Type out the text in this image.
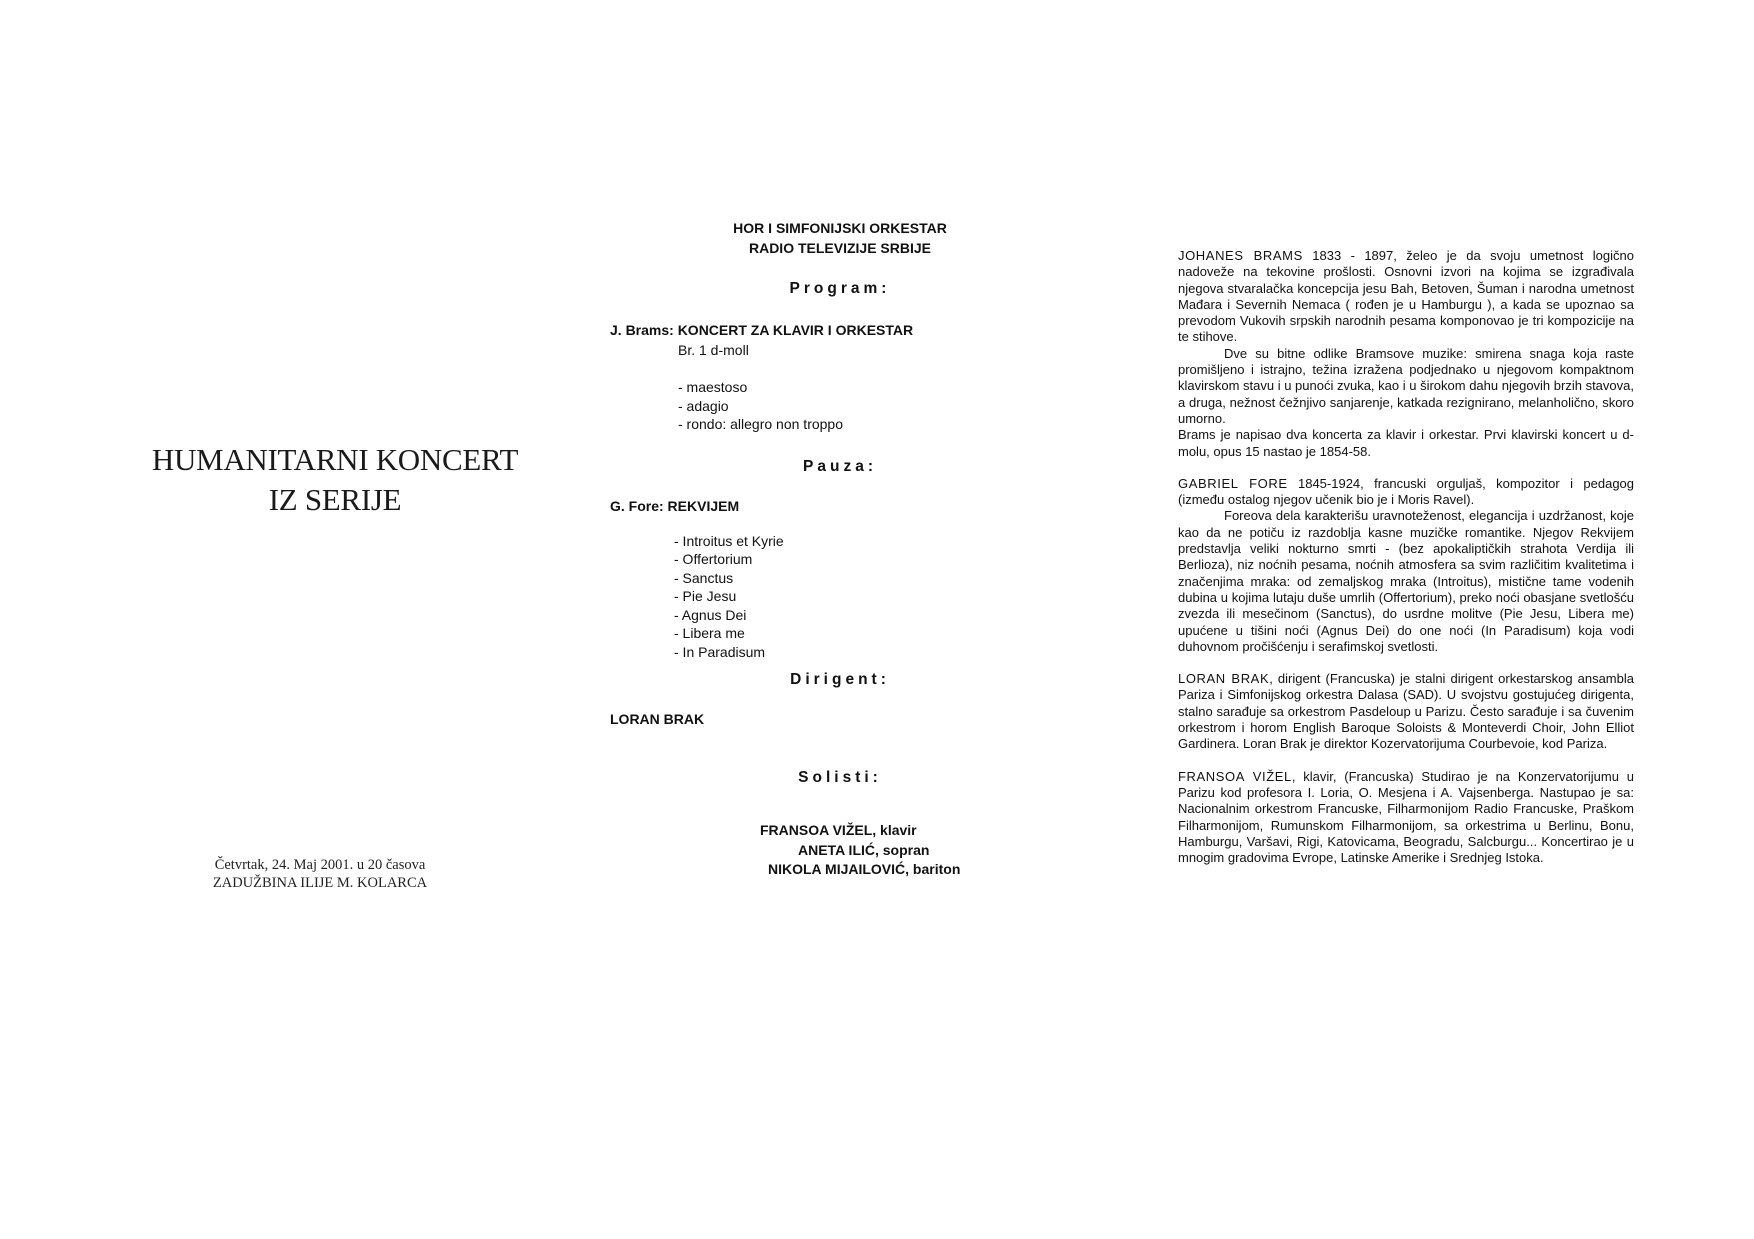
HUMANITARNI KONCERT
IZ SERIJE
Četvrtak, 24. Maj 2001. u 20 časova
ZADUŽBINA ILIJE M. KOLARCA
HOR I SIMFONIJSKI ORKESTAR
RADIO TELEVIZIJE SRBIJE
Program:
J. Brams: KONCERT ZA KLAVIR I ORKESTAR
Br. 1 d-moll
- maestoso
- adagio
- rondo: allegro non troppo
Pauza:
G. Fore: REKVIJEM
- Introitus et Kyrie
- Offertorium
- Sanctus
- Pie Jesu
- Agnus Dei
- Libera me
- In Paradisum
Dirigent:
LORAN BRAK
Solisti:
FRANSOA VIŽEL, klavir
ANETA ILIĆ, sopran
NIKOLA MIJAILOVIĆ, bariton

JOHANES BRAMS 1833 - 1897, želeo je da svoju umetnost logično nadoveže na tekovine prošlosti. Osnovni izvori na kojima se izgrađivala njegova stvaralačka koncepcija jesu Bah, Betoven, Šuman i narodna umetnost Mađara i Severnih Nemaca ( rođen je u Hamburgu ), a kada se upoznao sa prevodom Vukovih srpskih narodnih pesama komponovao je tri kompozicije na te stihove.

Dve su bitne odlike Bramsove muzike: smirena snaga koja raste promišljeno i istrajno, težina izražena podjednako u njegovom kompaktnom klavirskom stavu i u punoći zvuka, kao i u širokom dahu njegovih brzih stavova, a druga, nežnost čežnjivo sanjarenje, katkada rezignirano, melanholično, skoro umorno.

Brams je napisao dva koncerta za klavir i orkestar. Prvi klavirski koncert u d-molu, opus 15 nastao je 1854-58.

GABRIEL FORE 1845-1924, francuski orguljaš, kompozitor i pedagog (između ostalog njegov učenik bio je i Moris Ravel).

Foreova dela karakterišu uravnoteženost, elegancija i uzdržanost, koje kao da ne potiču iz razdoblja kasne muzičke romantike. Njegov Rekvijem predstavlja veliki nokturno smrti - (bez apokaliptičkih strahota Verdija ili Berlioza), niz noćnih pesama, noćnih atmosfera sa svim različitim kvalitetima i značenjima mraka: od zemaljskog mraka (Introitus), mistične tame vodenih dubina u kojima lutaju duše umrlih (Offertorium), preko noći obasjane svetlošću zvezda ili mesečinom (Sanctus), do usrdne molitve (Pie Jesu, Libera me) upućene u tišini noći (Agnus Dei) do one noći (In Paradisum) koja vodi duhovnom pročišćenju i serafimskoj svetlosti.

LORAN BRAK, dirigent (Francuska) je stalni dirigent orkestarskog ansambla Pariza i Simfonijskog orkestra Dalasa (SAD). U svojstvu gostujućeg dirigenta, stalno sarađuje sa orkestrom Pasdeloup u Parizu. Često sarađuje i sa čuvenim orkestrom i horom English Baroque Soloists & Monteverdi Choir, John Elliot Gardinera. Loran Brak je direktor Kozervatorijuma Courbevoie, kod Pariza.

FRANSOA VIŽEL, klavir, (Francuska) Studirao je na Konzervatorijumu u Parizu kod profesora I. Loria, O. Mesjena i A. Vajsenberga. Nastupao je sa: Nacionalnim orkestrom Francuske, Filharmonijom Radio Francuske, Praškom Filharmonijom, Rumunskom Filharmonijom, sa orkestrima u Berlinu, Bonu, Hamburgu, Varšavi, Rigi, Katovicama, Beogradu, Salcburgu... Koncertirao je u mnogim gradovima Evrope, Latinske Amerike i Srednjeg Istoka.
